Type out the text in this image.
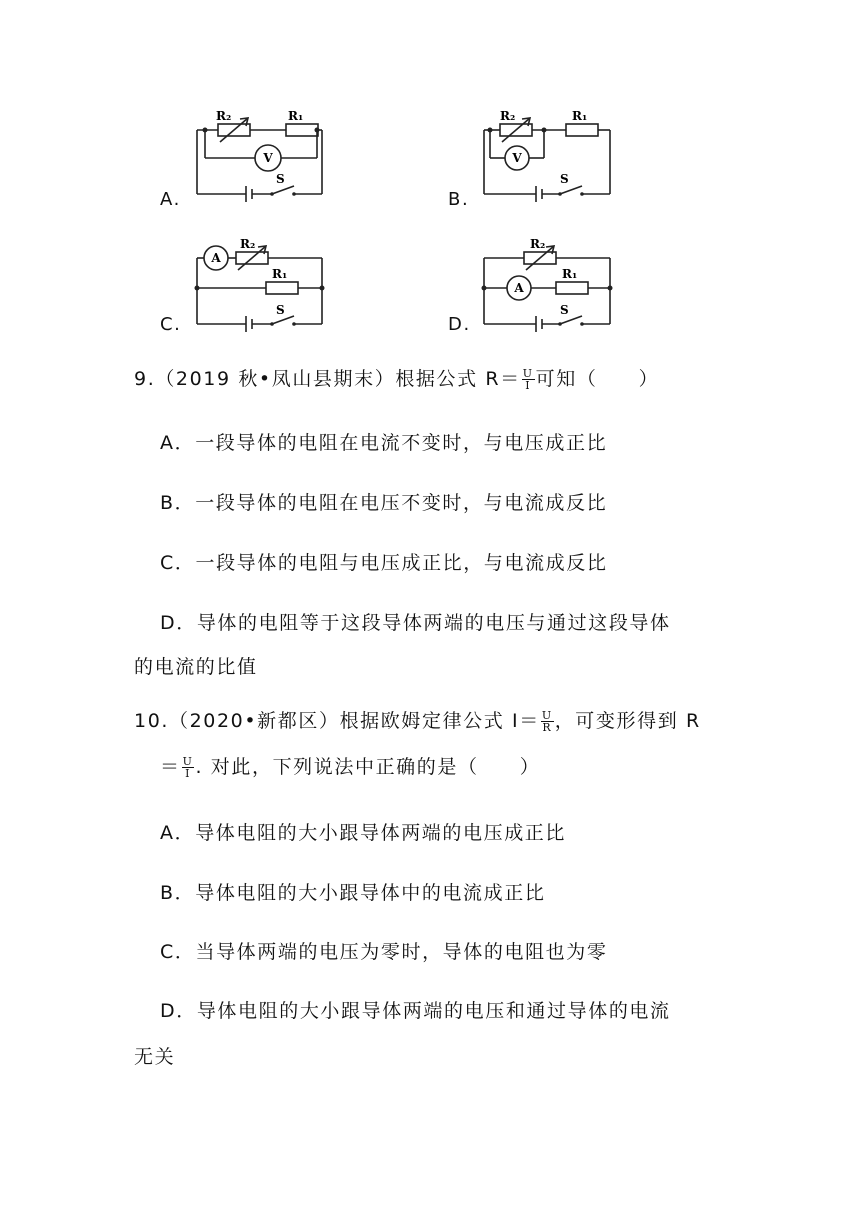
A.
R₂	R₁
V
S
B.
R₂	R₁
V
S
C.
A
R₂
R₁
S
D.
R₂
A
R₁
S
9.（2019 秋•凤山县期末）根据公式 $R= \frac{U}{I}$ 可知（　　）
A．一段导体的电阻在电流不变时，与电压成正比
B．一段导体的电阻在电压不变时，与电流成反比
C．一段导体的电阻与电压成正比，与电流成反比
D．导体的电阻等于这段导体两端的电压与通过这段导体
的电流的比值
10.（2020•新都区）根据欧姆定律公式 $I= \frac{U}{R}$ ，可变形得到 R
＝ $\frac{U}{I}$ . 对此，下列说法中正确的是（　　）
A．导体电阻的大小跟导体两端的电压成正比
B．导体电阻的大小跟导体中的电流成正比
C．当导体两端的电压为零时，导体的电阻也为零
D．导体电阻的大小跟导体两端的电压和通过导体的电流
无关
